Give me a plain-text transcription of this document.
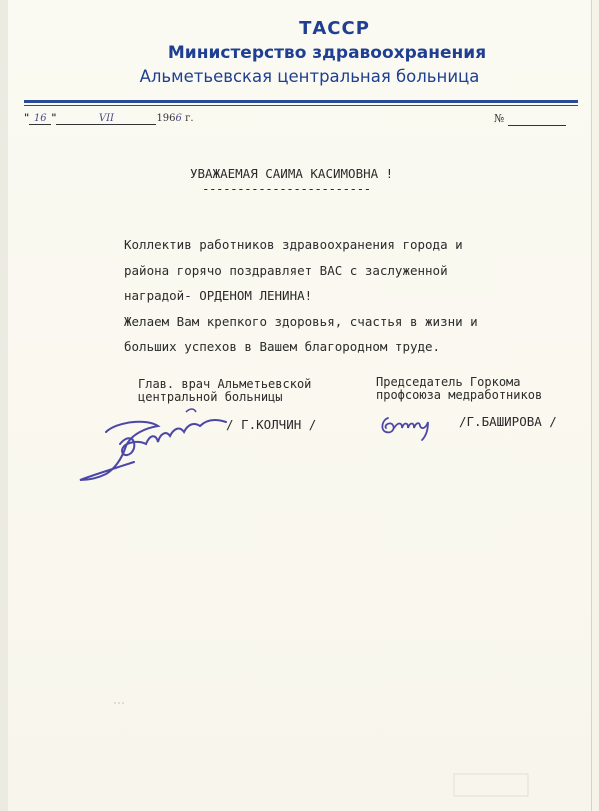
ТАССР
Министерство здравоохранения
Альметьевская центральная больница
" 16 "	VII	1966 г.	№
УВАЖАЕМАЯ САИМА КАСИМОВНА !
------------------------
Коллектив работников здравоохранения города и
района горячо поздравляет ВАС с заслуженной
наградой- ОРДЕНОМ ЛЕНИНА!
Желаем Вам крепкого здоровья, счастья в жизни и
больших успехов в Вашем благородном труде.
Глав. врач Альметьевской
центральной больницы
Председатель Горкома
профсоюза медработников
/ Г.КОЛЧИН /	/Г.БАШИРОВА /
